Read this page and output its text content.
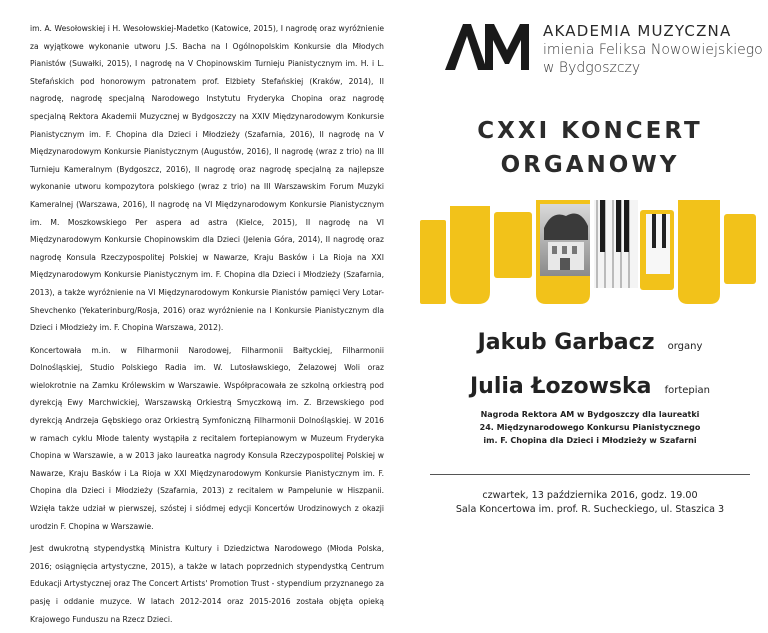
im. A. Wesołowskiej i H. Wesołowskiej-Madetko (Katowice, 2015), I nagrodę oraz wyróżnienie za wyjątkowe wykonanie utworu J.S. Bacha na I Ogólnopolskim Konkursie dla Młodych Pianistów (Suwałki, 2015), I nagrodę na V Chopinowskim Turnieju Pianistycznym im. H. i L. Stefańskich pod honorowym patronatem prof. Elżbiety Stefańskiej (Kraków, 2014), II nagrodę, nagrodę specjalną Narodowego Instytutu Fryderyka Chopina oraz nagrodę specjalną Rektora Akademii Muzycznej w Bydgoszczy na XXIV Międzynarodowym Konkursie Pianistycznym im. F. Chopina dla Dzieci i Młodzieży (Szafarnia, 2016), II nagrodę na V Międzynarodowym Konkursie Pianistycznym (Augustów, 2016), II nagrodę (wraz z trio) na III Turnieju Kameralnym (Bydgoszcz, 2016), II nagrodę oraz nagrodę specjalną za najlepsze wykonanie utworu kompozytora polskiego (wraz z trio) na III Warszawskim Forum Muzyki Kameralnej (Warszawa, 2016), II nagrodę na VI Międzynarodowym Konkursie Pianistycznym im. M. Moszkowskiego Per aspera ad astra (Kielce, 2015), II nagrodę na VI Międzynarodowym Konkursie Chopinowskim dla Dzieci (Jelenia Góra, 2014), II nagrodę oraz nagrodę Konsula Rzeczypospolitej Polskiej w Nawarze, Kraju Basków i La Rioja na XXI Międzynarodowym Konkursie Pianistycznym im. F. Chopina dla Dzieci i Młodzieży (Szafarnia, 2013), a także wyróżnienie na VI Międzynarodowym Konkursie Pianistów pamięci Very Lotar-Shevchenko (Yekaterinburg/Rosja, 2016) oraz wyróżnienie na I Konkursie Pianistycznym dla Dzieci i Młodzieży im. F. Chopina Warszawa, 2012).

Koncertowała m.in. w Filharmonii Narodowej, Filharmonii Bałtyckiej, Filharmonii Dolnośląskiej, Studio Polskiego Radia im. W. Lutosławskiego, Żelazowej Woli oraz wielokrotnie na Zamku Królewskim w Warszawie. Współpracowała ze szkolną orkiestrą pod dyrekcją Ewy Marchwickiej, Warszawską Orkiestrą Smyczkową im. Z. Brzewskiego pod dyrekcją Andrzeja Gębskiego oraz Orkiestrą Symfoniczną Filharmonii Dolnośląskiej. W 2016 w ramach cyklu Młode talenty wystąpiła z recitalem fortepianowym w Muzeum Fryderyka Chopina w Warszawie, a w 2013 jako laureatka nagrody Konsula Rzeczypospolitej Polskiej w Nawarze, Kraju Basków i La Rioja w XXI Międzynarodowym Konkursie Pianistycznym im. F. Chopina dla Dzieci i Młodzieży (Szafarnia, 2013) z recitalem w Pampelunie w Hiszpanii. Wzięła także udział w pierwszej, szóstej i siódmej edycji Koncertów Urodzinowych z okazji urodzin F. Chopina w Warszawie.

Jest dwukrotną stypendystką Ministra Kultury i Dziedzictwa Narodowego (Młoda Polska, 2016; osiągnięcia artystyczne, 2015), a także w latach poprzednich stypendystką Centrum Edukacji Artystycznej oraz The Concert Artists' Promotion Trust - stypendium przyznanego za pasję i oddanie muzyce. W latach 2012-2014 oraz 2015-2016 została objęta opieką Krajowego Funduszu na Rzecz Dzieci.

AKADEMIA MUZYCZNA
imienia Feliksa Nowowiejskiego
w Bydgoszczy
CXXI KONCERT
ORGANOWY
Jakub Garbacz organy
Julia Łozowska fortepian
Nagroda Rektora AM w Bydgoszczy dla laureatki
24. Międzynarodowego Konkursu Pianistycznego
im. F. Chopina dla Dzieci i Młodzieży w Szafarni
czwartek, 13 października 2016, godz. 19.00
Sala Koncertowa im. prof. R. Sucheckiego, ul. Staszica 3
